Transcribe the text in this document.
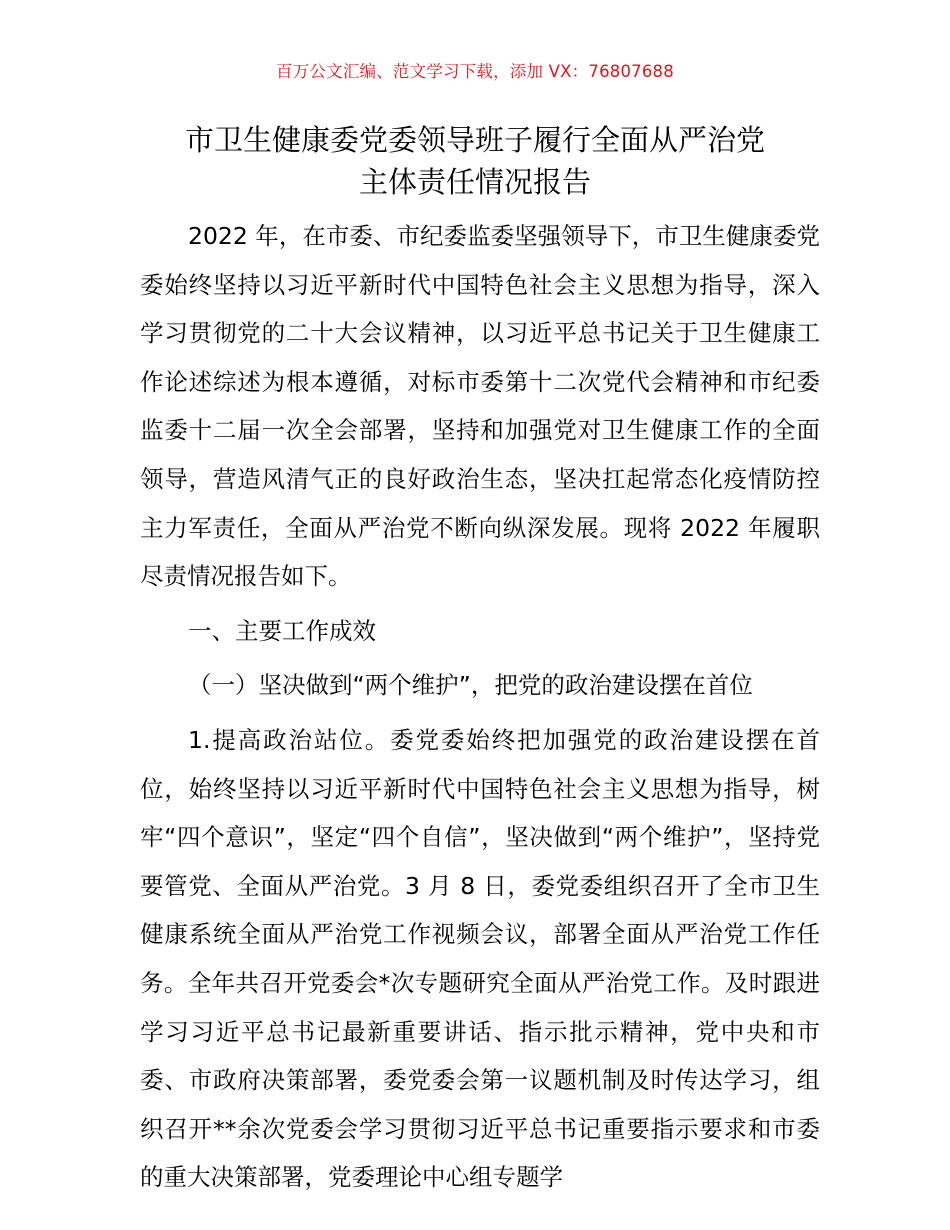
百万公文汇编、范文学习下载，添加 VX：76807688
市卫生健康委党委领导班子履行全面从严治党
主体责任情况报告

2022 年，在市委、市纪委监委坚强领导下，市卫生健康委党委始终坚持以习近平新时代中国特色社会主义思想为指导，深入学习贯彻党的二十大会议精神，以习近平总书记关于卫生健康工作论述综述为根本遵循，对标市委第十二次党代会精神和市纪委监委十二届一次全会部署，坚持和加强党对卫生健康工作的全面领导，营造风清气正的良好政治生态，坚决扛起常态化疫情防控主力军责任，全面从严治党不断向纵深发展。现将 2022 年履职尽责情况报告如下。

一、主要工作成效

（一）坚决做到“两个维护”，把党的政治建设摆在首位

1.提高政治站位。委党委始终把加强党的政治建设摆在首位，始终坚持以习近平新时代中国特色社会主义思想为指导，树牢“四个意识”，坚定“四个自信”，坚决做到“两个维护”，坚持党要管党、全面从严治党。3 月 8 日，委党委组织召开了全市卫生健康系统全面从严治党工作视频会议，部署全面从严治党工作任务。全年共召开党委会*次专题研究全面从严治党工作。及时跟进学习习近平总书记最新重要讲话、指示批示精神，党中央和市委、市政府决策部署，委党委会第一议题机制及时传达学习，组织召开**余次党委会学习贯彻习近平总书记重要指示要求和市委的重大决策部署，党委理论中心组专题学
